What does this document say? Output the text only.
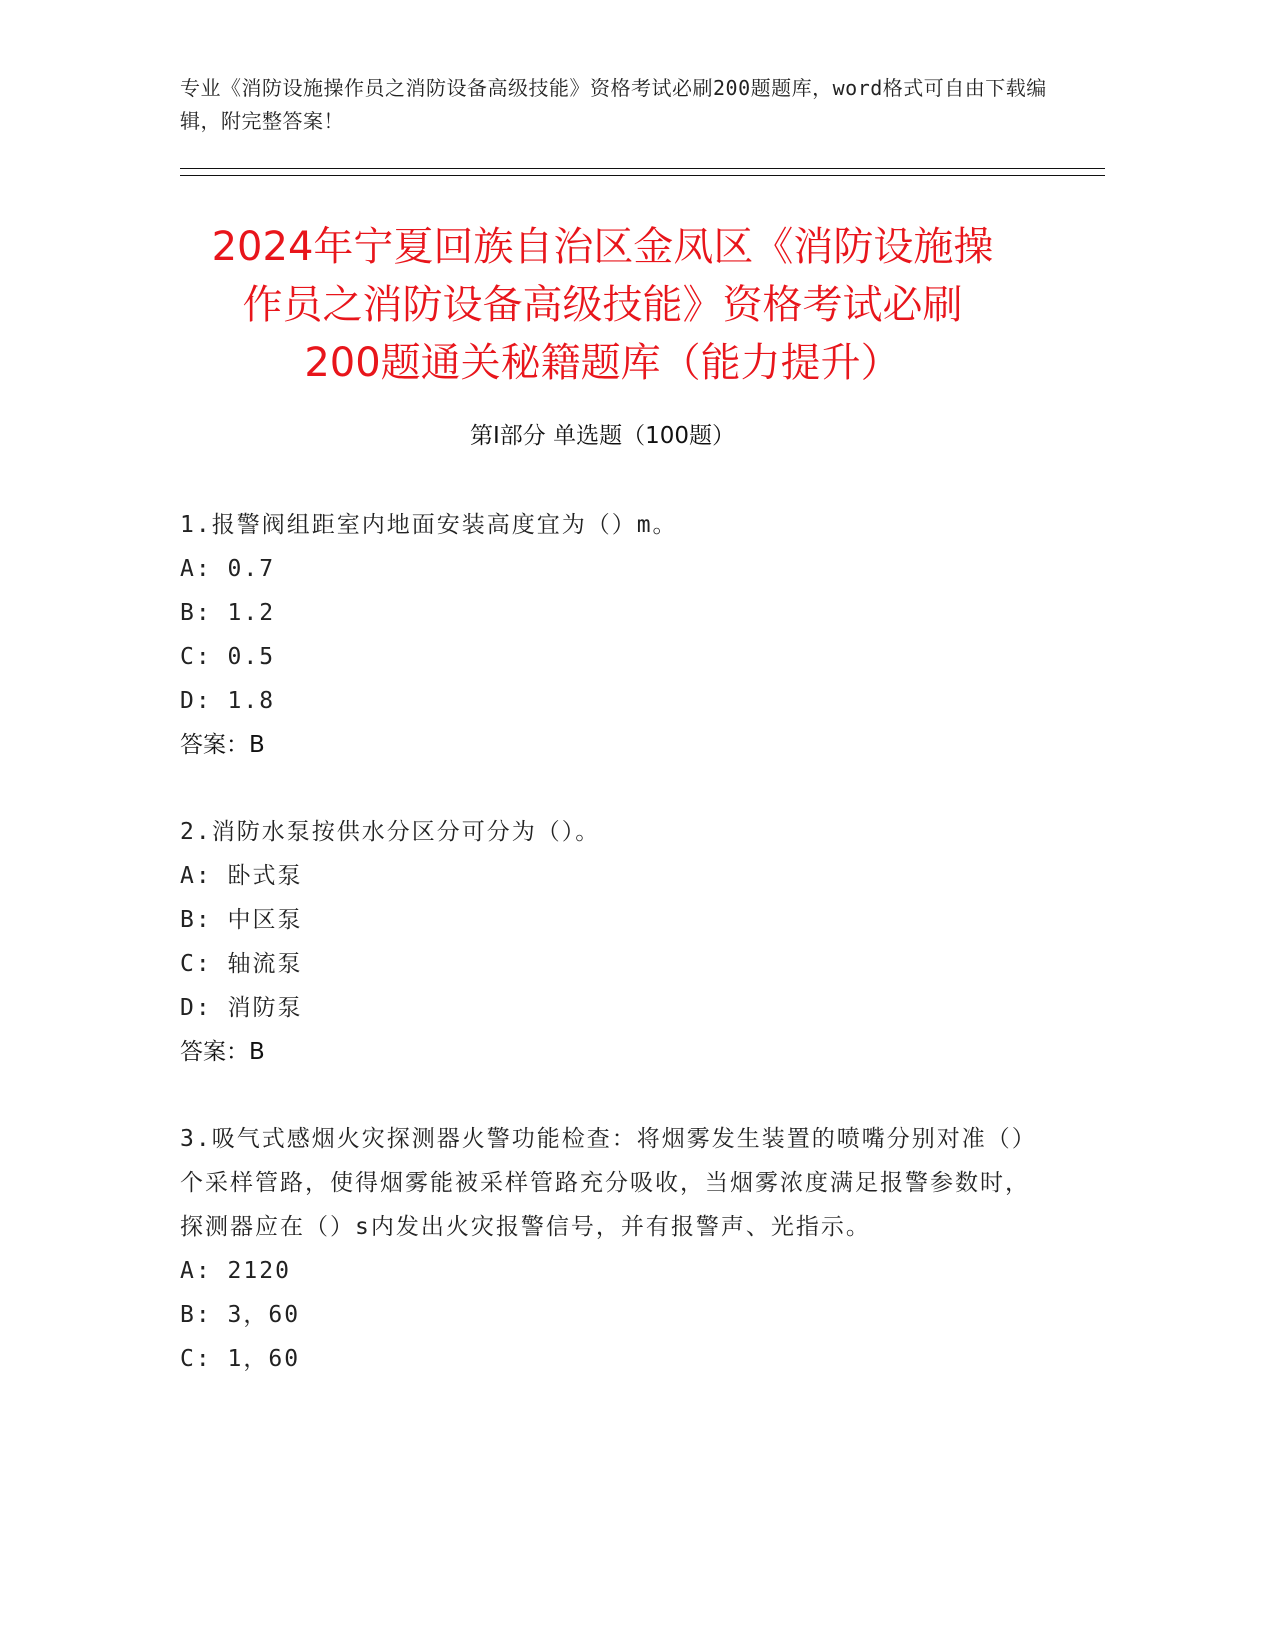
专业《消防设施操作员之消防设备高级技能》资格考试必刷200题题库，word格式可自由下载编辑，附完整答案！
2024年宁夏回族自治区金凤区《消防设施操
作员之消防设备高级技能》资格考试必刷
200题通关秘籍题库（能力提升）
第Ⅰ部分 单选题（100题）
1.报警阀组距室内地面安装高度宜为（）m。
A: 0.7
B: 1.2
C: 0.5
D: 1.8
答案：B
2.消防水泵按供水分区分可分为（）。
A: 卧式泵
B: 中区泵
C: 轴流泵
D: 消防泵
答案：B
3.吸气式感烟火灾探测器火警功能检查：将烟雾发生装置的喷嘴分别对准（）个采样管路，使得烟雾能被采样管路充分吸收，当烟雾浓度满足报警参数时，探测器应在（）s内发出火灾报警信号，并有报警声、光指示。
A: 2120
B: 3，60
C: 1，60
